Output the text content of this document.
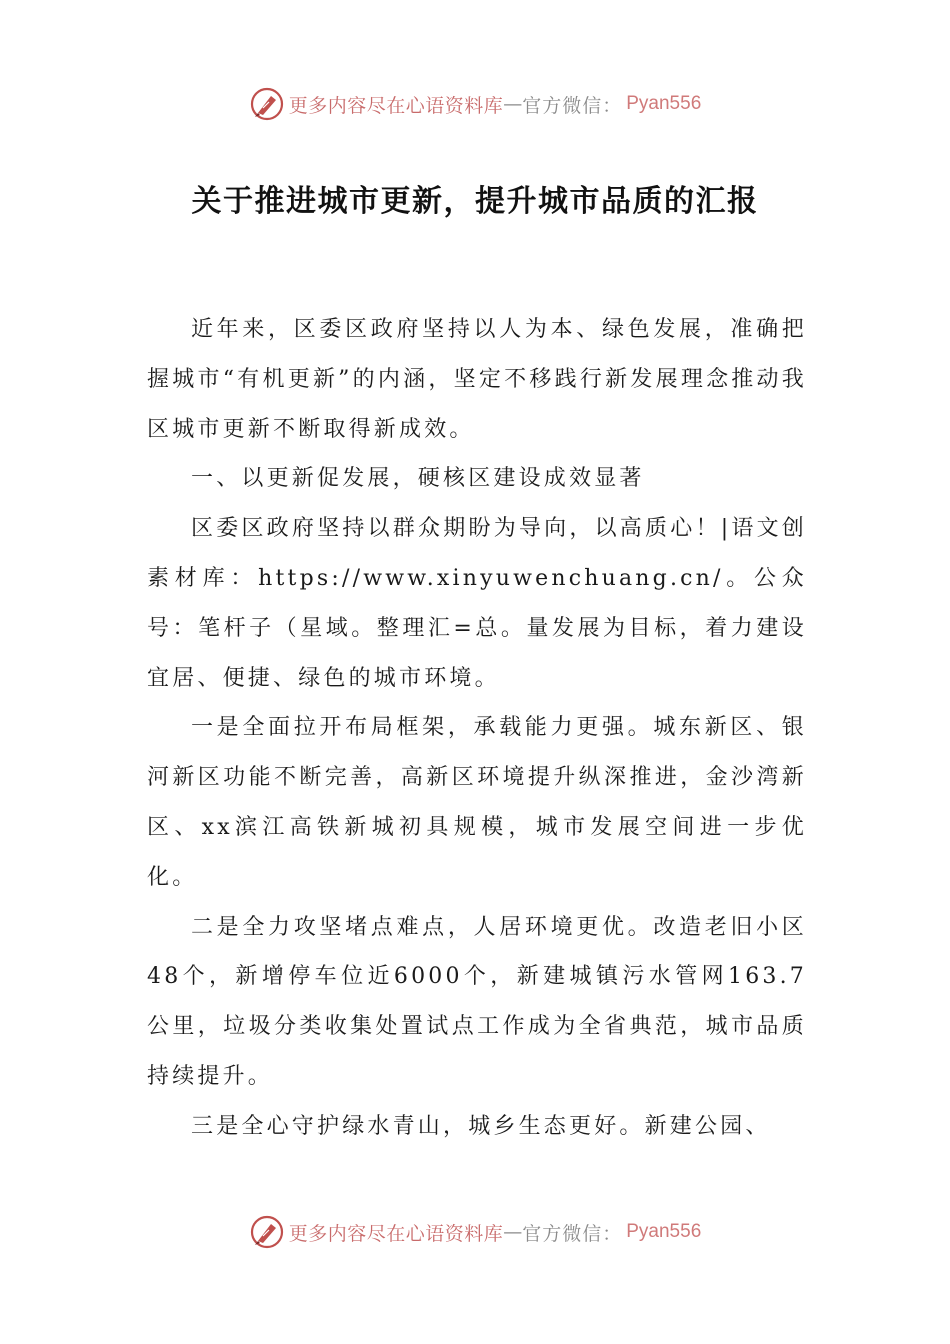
更多内容尽在心语资料库 — 官方微信： Pyan556
关于推进城市更新，提升城市品质的汇报

近年来，区委区政府坚持以人为本、绿色发展，准确把握城市“有机更新”的内涵，坚定不移践行新发展理念推动我区城市更新不断取得新成效。

一、以更新促发展，硬核区建设成效显著

区委区政府坚持以群众期盼为导向，以高质心！|语文创素材库：https://www.xinyuwenchuang.cn/。公众号：笔杆子（星域。整理汇=总。量发展为目标，着力建设宜居、便捷、绿色的城市环境。

一是全面拉开布局框架，承载能力更强。城东新区、银河新区功能不断完善，高新区环境提升纵深推进，金沙湾新区、xx滨江高铁新城初具规模，城市发展空间进一步优化。

二是全力攻坚堵点难点，人居环境更优。改造老旧小区48个，新增停车位近6000个，新建城镇污水管网163.7公里，垃圾分类收集处置试点工作成为全省典范，城市品质持续提升。

三是全心守护绿水青山，城乡生态更好。新建公园、

更多内容尽在心语资料库 — 官方微信： Pyan556
